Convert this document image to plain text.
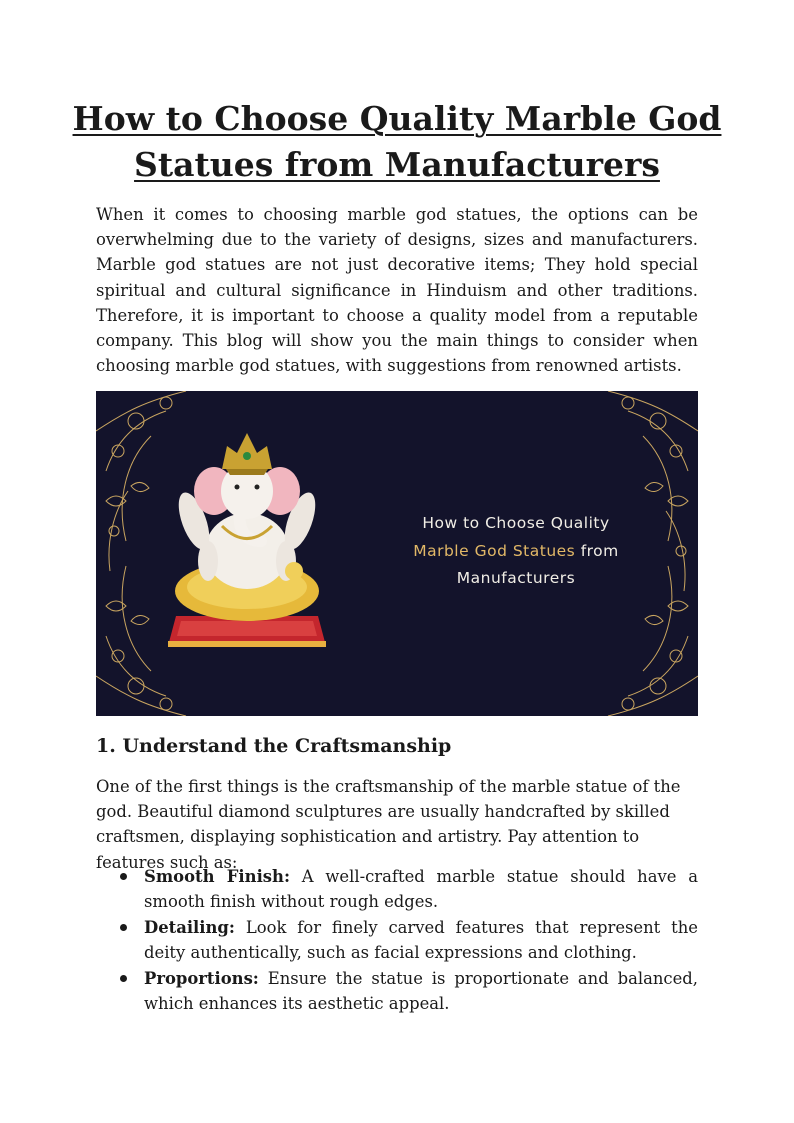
How to Choose Quality Marble God Statues from Manufacturers

When it comes to choosing marble god statues, the options can be overwhelming due to the variety of designs, sizes and manufacturers. Marble god statues are not just decorative items; They hold special spiritual and cultural significance in Hinduism and other traditions. Therefore, it is important to choose a quality model from a reputable company. This blog will show you the main things to consider when choosing marble god statues, with suggestions from renowned artists.

How to Choose Quality
Marble God Statues from
Manufacturers
1. Understand the Craftsmanship

One of the first things is the craftsmanship of the marble statue of the god. Beautiful diamond sculptures are usually handcrafted by skilled craftsmen, displaying sophistication and artistry. Pay attention to features such as:

Smooth Finish: A well-crafted marble statue should have a smooth finish without rough edges.
Detailing: Look for finely carved features that represent the deity authentically, such as facial expressions and clothing.
Proportions: Ensure the statue is proportionate and balanced, which enhances its aesthetic appeal.
